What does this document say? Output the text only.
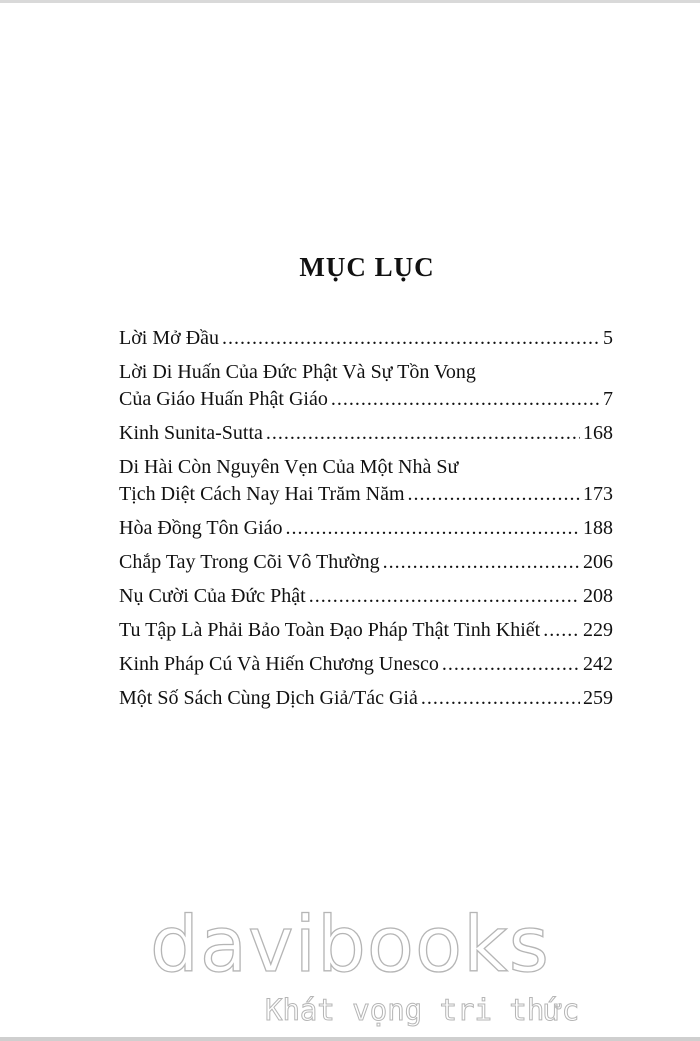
MỤC LỤC
Lời Mở Đầu .....	5
Lời Di Huấn Của Đức Phật Và Sự Tồn Vong
Của Giáo Huấn Phật Giáo .....	7
Kinh Sunita-Sutta .....	168
Di Hài Còn Nguyên Vẹn Của Một Nhà Sư
Tịch Diệt Cách Nay Hai Trăm Năm .....	173
Hòa Đồng Tôn Giáo .....	188
Chắp Tay Trong Cõi Vô Thường .....	206
Nụ Cười Của Đức Phật .....	208
Tu Tập Là Phải Bảo Toàn Đạo Pháp Thật Tinh Khiết ..... 229
Kinh Pháp Cú Và Hiến Chương Unesco .....	242
Một Số Sách Cùng Dịch Giả/Tác Giả .....	259
davibooks
Khát vọng tri thức
